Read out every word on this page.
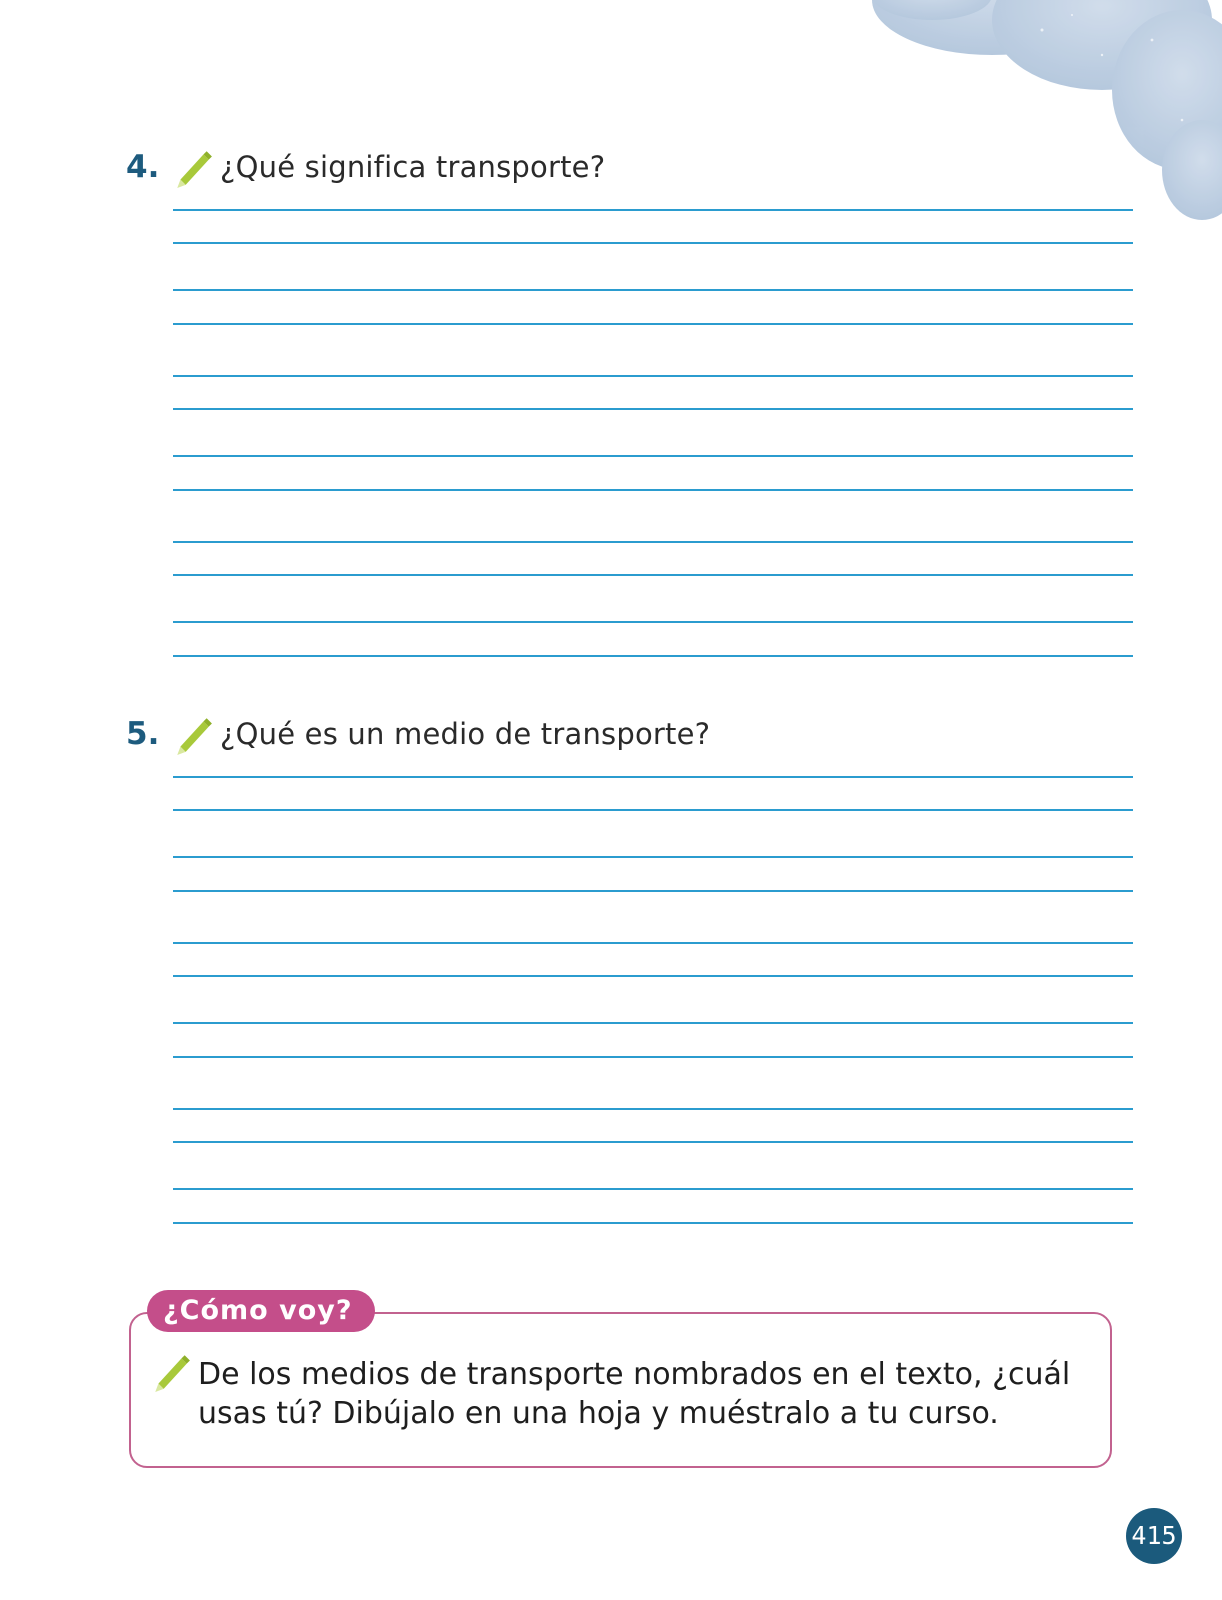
4.	¿Qué significa transporte?
5.	¿Qué es un medio de transporte?
¿Cómo voy?
De los medios de transporte nombrados en el texto, ¿cuál usas tú? Dibújalo en una hoja y muéstralo a tu curso.
415
